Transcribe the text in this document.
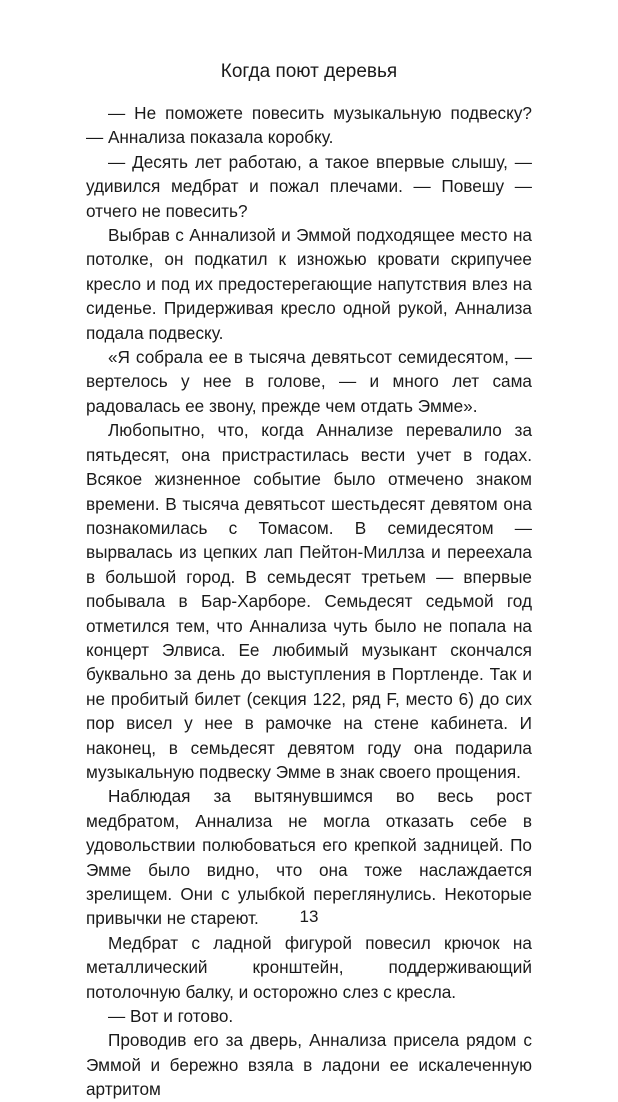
Когда поют деревья

— Не поможете повесить музыкальную подвеску? — Аннализа показала коробку.

— Десять лет работаю, а такое впервые слышу, — удивился медбрат и пожал плечами. — Повешу — отчего не повесить?

Выбрав с Аннализой и Эммой подходящее место на потолке, он подкатил к изножью кровати скрипучее кресло и под их предостерегающие напутствия влез на сиденье. Придерживая кресло одной рукой, Аннализа подала подвеску.

«Я собрала ее в тысяча девятьсот семидесятом, — вертелось у нее в голове, — и много лет сама радовалась ее звону, прежде чем отдать Эмме».

Любопытно, что, когда Аннализе перевалило за пятьдесят, она пристрастилась вести учет в годах. Всякое жизненное событие было отмечено знаком времени. В тысяча девятьсот шестьдесят девятом она познакомилась с Томасом. В семидесятом — вырвалась из цепких лап Пейтон-Миллза и переехала в большой город. В семьдесят третьем — впервые побывала в Бар-Харборе. Семьдесят седьмой год отметился тем, что Аннализа чуть было не попала на концерт Элвиса. Ее любимый музыкант скончался буквально за день до выступления в Портленде. Так и не пробитый билет (секция 122, ряд F, место 6) до сих пор висел у нее в рамочке на стене кабинета. И наконец, в семьдесят девятом году она подарила музыкальную подвеску Эмме в знак своего прощения.

Наблюдая за вытянувшимся во весь рост медбратом, Аннализа не могла отказать себе в удовольствии полюбоваться его крепкой задницей. По Эмме было видно, что она тоже наслаждается зрелищем. Они с улыбкой переглянулись. Некоторые привычки не стареют.

Медбрат с ладной фигурой повесил крючок на металлический кронштейн, поддерживающий потолочную балку, и осторожно слез с кресла.

— Вот и готово.

Проводив его за дверь, Аннализа присела рядом с Эммой и бережно взяла в ладони ее искалеченную артритом

13
